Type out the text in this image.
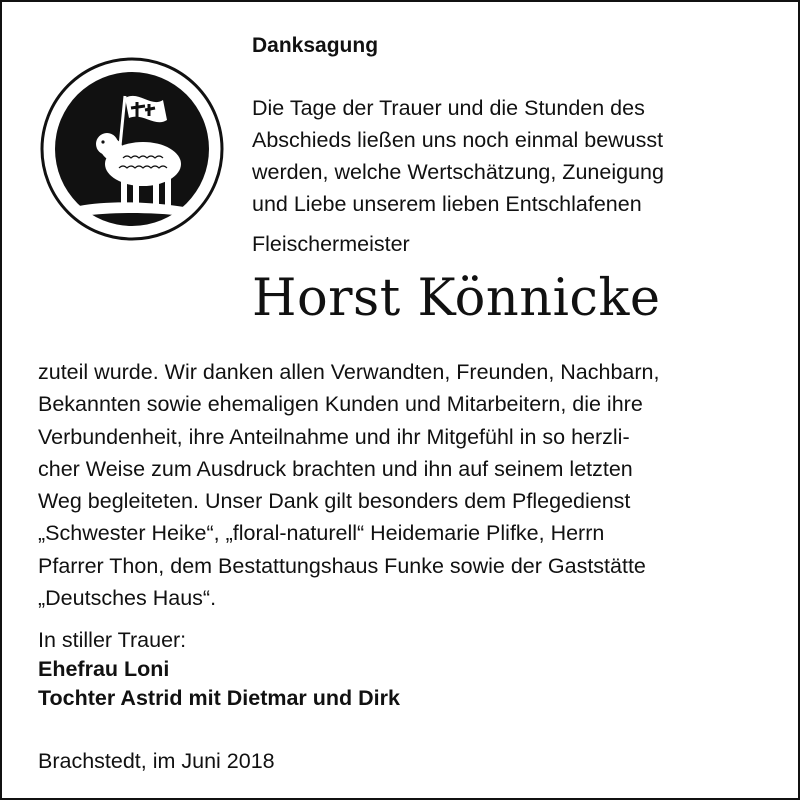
Danksagung
Die Tage der Trauer und die Stunden des
Abschieds ließen uns noch einmal bewusst
werden, welche Wertschätzung, Zuneigung
und Liebe unserem lieben Entschlafenen
Fleischermeister
Horst Könnicke
zuteil wurde. Wir danken allen Verwandten, Freunden, Nachbarn,
Bekannten sowie ehemaligen Kunden und Mitarbeitern, die ihre
Verbundenheit, ihre Anteilnahme und ihr Mitgefühl in so herzli-
cher Weise zum Ausdruck brachten und ihn auf seinem letzten
Weg begleiteten. Unser Dank gilt besonders dem Pflegedienst
„Schwester Heike“, „floral-naturell“ Heidemarie Plifke, Herrn
Pfarrer Thon, dem Bestattungshaus Funke sowie der Gaststätte
„Deutsches Haus“.
In stiller Trauer:
Ehefrau Loni
Tochter Astrid mit Dietmar und Dirk
Brachstedt, im Juni 2018
